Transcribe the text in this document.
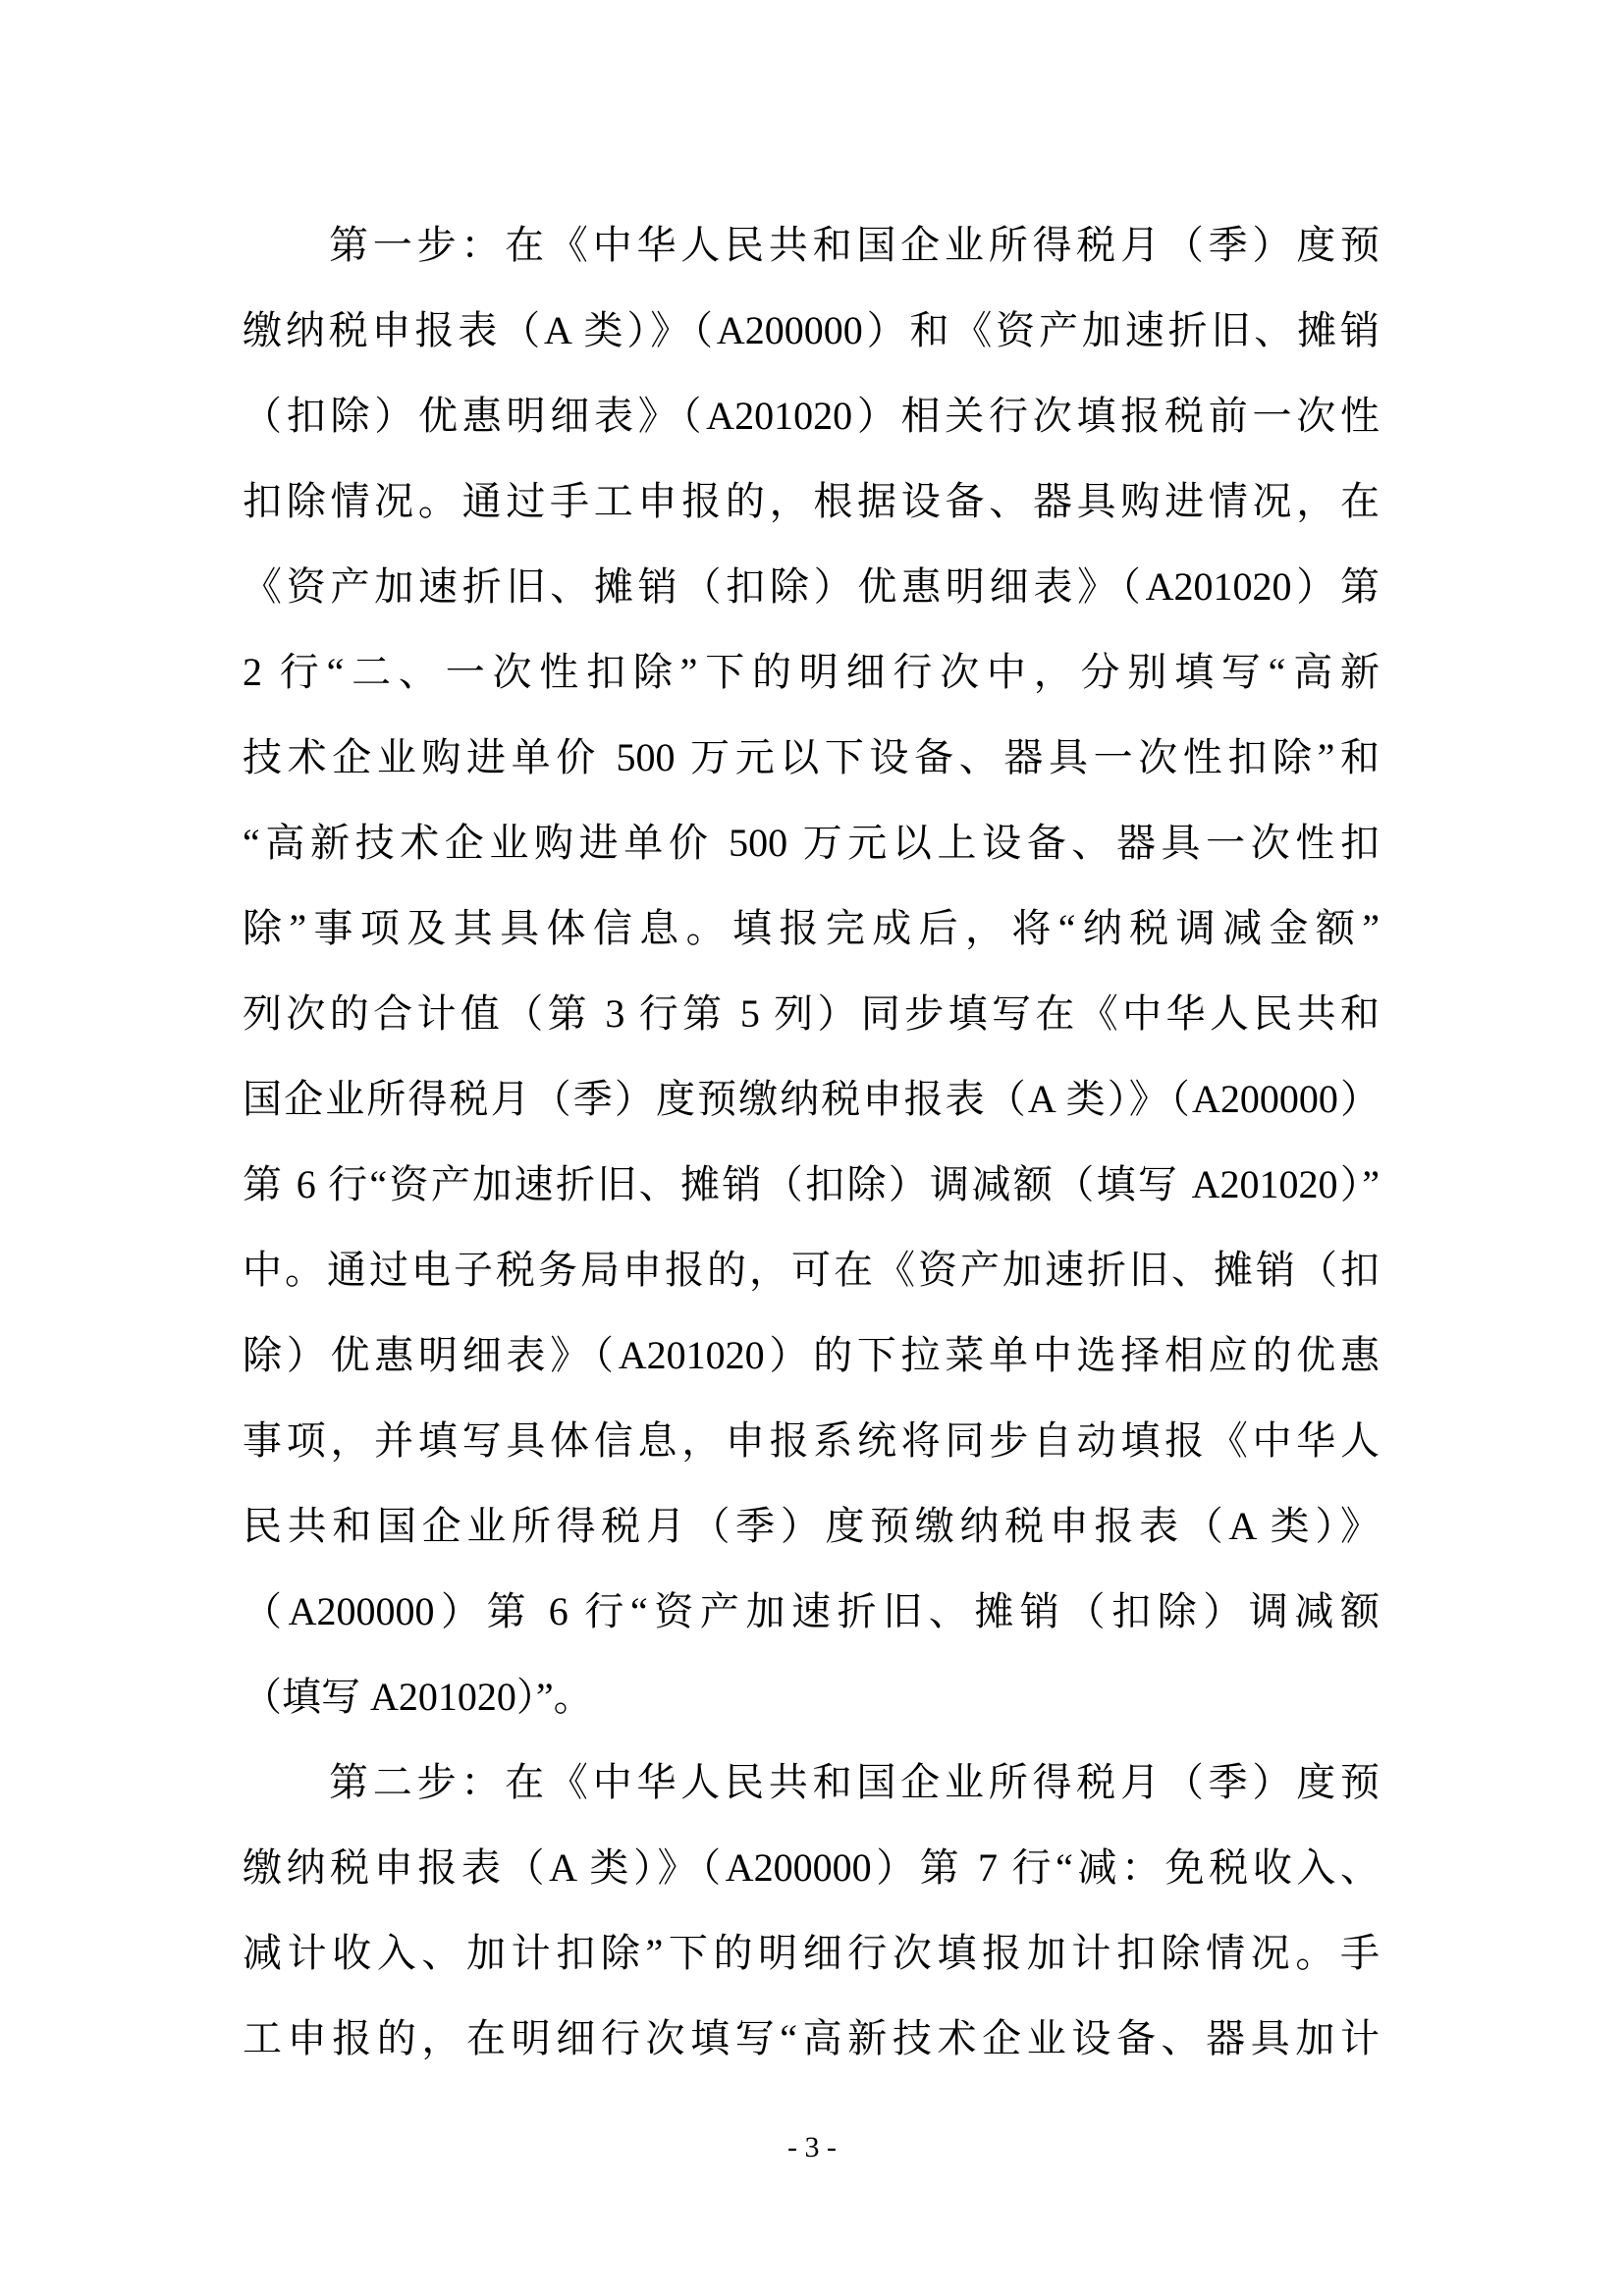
第一步：在《中华人民共和国企业所得税月（季）度预
缴纳税申报表（A 类）》（A200000）和《资产加速折旧、摊销
（扣除）优惠明细表》（A201020）相关行次填报税前一次性
扣除情况。通过手工申报的，根据设备、器具购进情况，在
《资产加速折旧、摊销（扣除）优惠明细表》（A201020）第
2 行“二、一次性扣除”下的明细行次中，分别填写“高新
技术企业购进单价 500 万元以下设备、器具一次性扣除”和
“高新技术企业购进单价 500 万元以上设备、器具一次性扣
除”事项及其具体信息。填报完成后，将“纳税调减金额”
列次的合计值（第 3 行第 5 列）同步填写在《中华人民共和
国企业所得税月（季）度预缴纳税申报表（A 类）》（A200000）
第 6 行“资产加速折旧、摊销（扣除）调减额（填写 A201020）”
中。通过电子税务局申报的，可在《资产加速折旧、摊销（扣
除）优惠明细表》（A201020）的下拉菜单中选择相应的优惠
事项，并填写具体信息，申报系统将同步自动填报《中华人
民共和国企业所得税月（季）度预缴纳税申报表（A 类）》
（A200000）第 6 行“资产加速折旧、摊销（扣除）调减额
（填写 A201020）”。
第二步：在《中华人民共和国企业所得税月（季）度预
缴纳税申报表（A 类）》（A200000）第 7 行“减：免税收入、
减计收入、加计扣除”下的明细行次填报加计扣除情况。手
工申报的，在明细行次填写“高新技术企业设备、器具加计
- 3 -
